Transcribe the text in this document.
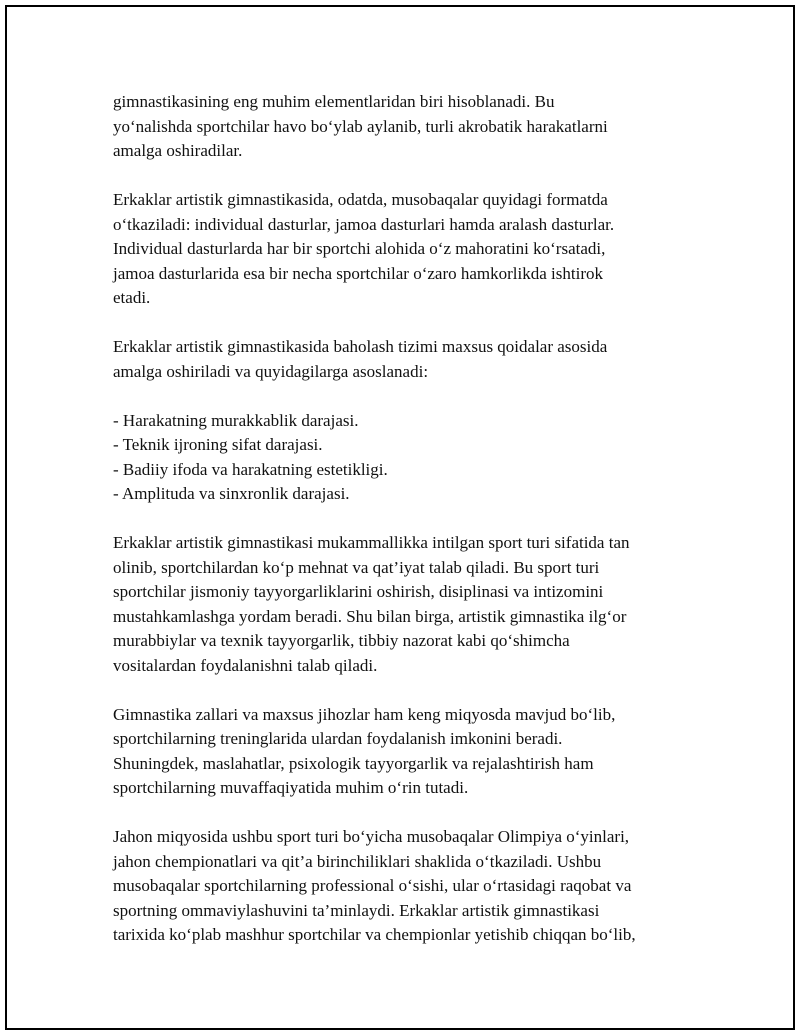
gimnastikasining eng muhim elementlaridan biri hisoblanadi. Bu
yo‘nalishda sportchilar havo bo‘ylab aylanib, turli akrobatik harakatlarni
amalga oshiradilar.

Erkaklar artistik gimnastikasida, odatda, musobaqalar quyidagi formatda
o‘tkaziladi: individual dasturlar, jamoa dasturlari hamda aralash dasturlar.
Individual dasturlarda har bir sportchi alohida o‘z mahoratini ko‘rsatadi,
jamoa dasturlarida esa bir necha sportchilar o‘zaro hamkorlikda ishtirok
etadi.

Erkaklar artistik gimnastikasida baholash tizimi maxsus qoidalar asosida
amalga oshiriladi va quyidagilarga asoslanadi:

- Harakatning murakkablik darajasi.
- Teknik ijroning sifat darajasi.
- Badiiy ifoda va harakatning estetikligi.
- Amplituda va sinxronlik darajasi.

Erkaklar artistik gimnastikasi mukammallikka intilgan sport turi sifatida tan
olinib, sportchilardan ko‘p mehnat va qat’iyat talab qiladi. Bu sport turi
sportchilar jismoniy tayyorgarliklarini oshirish, disiplinasi va intizomini
mustahkamlashga yordam beradi. Shu bilan birga, artistik gimnastika ilg‘or
murabbiylar va texnik tayyorgarlik, tibbiy nazorat kabi qo‘shimcha
vositalardan foydalanishni talab qiladi.

Gimnastika zallari va maxsus jihozlar ham keng miqyosda mavjud bo‘lib,
sportchilarning treninglarida ulardan foydalanish imkonini beradi.
Shuningdek, maslahatlar, psixologik tayyorgarlik va rejalashtirish ham
sportchilarning muvaffaqiyatida muhim o‘rin tutadi.

Jahon miqyosida ushbu sport turi bo‘yicha musobaqalar Olimpiya o‘yinlari,
jahon chempionatlari va qit’a birinchiliklari shaklida o‘tkaziladi. Ushbu
musobaqalar sportchilarning professional o‘sishi, ular o‘rtasidagi raqobat va
sportning ommaviylashuvini ta’minlaydi. Erkaklar artistik gimnastikasi
tarixida ko‘plab mashhur sportchilar va chempionlar yetishib chiqqan bo‘lib,
